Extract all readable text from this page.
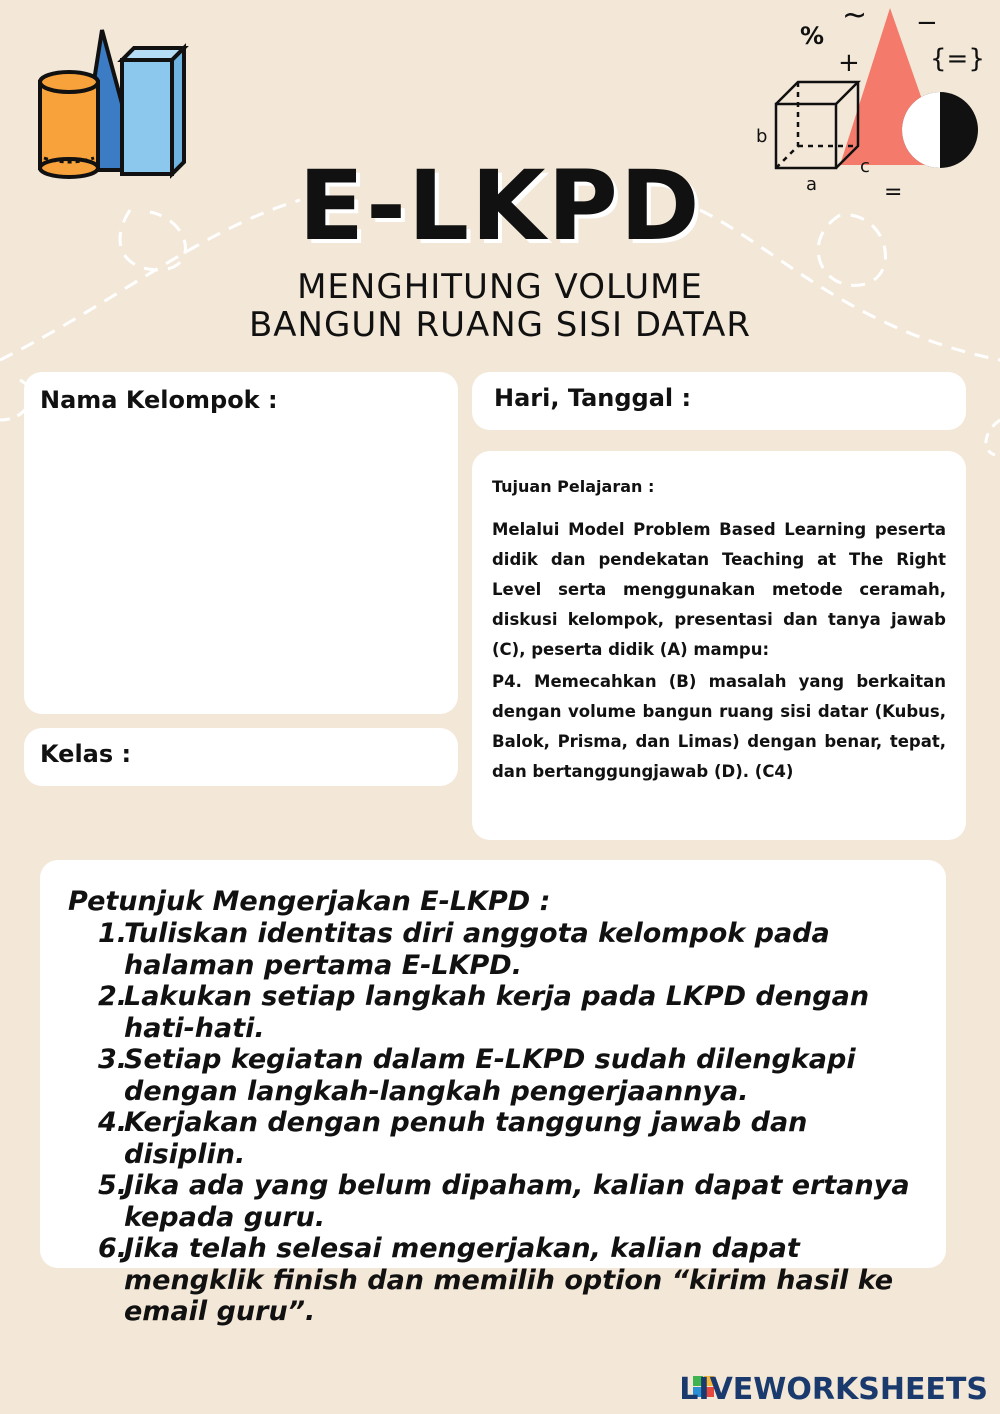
%
~ −
+	{=}
b
c
a	=
E-LKPD
MENGHITUNG VOLUME
BANGUN RUANG SISI DATAR
Nama Kelompok :
Kelas :
Hari, Tanggal :
Tujuan Pelajaran :

Melalui Model Problem Based Learning peserta didik dan pendekatan Teaching at The Right Level serta menggunakan metode ceramah, diskusi kelompok, presentasi dan tanya jawab (C), peserta didik (A) mampu:

P4. Memecahkan (B) masalah yang berkaitan dengan volume bangun ruang sisi datar (Kubus, Balok, Prisma, dan Limas) dengan benar, tepat, dan bertanggungjawab (D). (C4)

Petunjuk Mengerjakan E-LKPD :
1.
Tuliskan identitas diri anggota kelompok pada halaman pertama E-LKPD.
2.
Lakukan setiap langkah kerja pada LKPD dengan hati-hati.
3.
Setiap kegiatan dalam E-LKPD sudah dilengkapi dengan langkah-langkah pengerjaannya.
4.
Kerjakan dengan penuh tanggung jawab dan disiplin.
5.
Jika ada yang belum dipaham, kalian dapat ertanya kepada guru.
6.
Jika telah selesai mengerjakan, kalian dapat mengklik finish dan memilih option “kirim hasil ke email guru”.
LIVEWORKSHEETS
